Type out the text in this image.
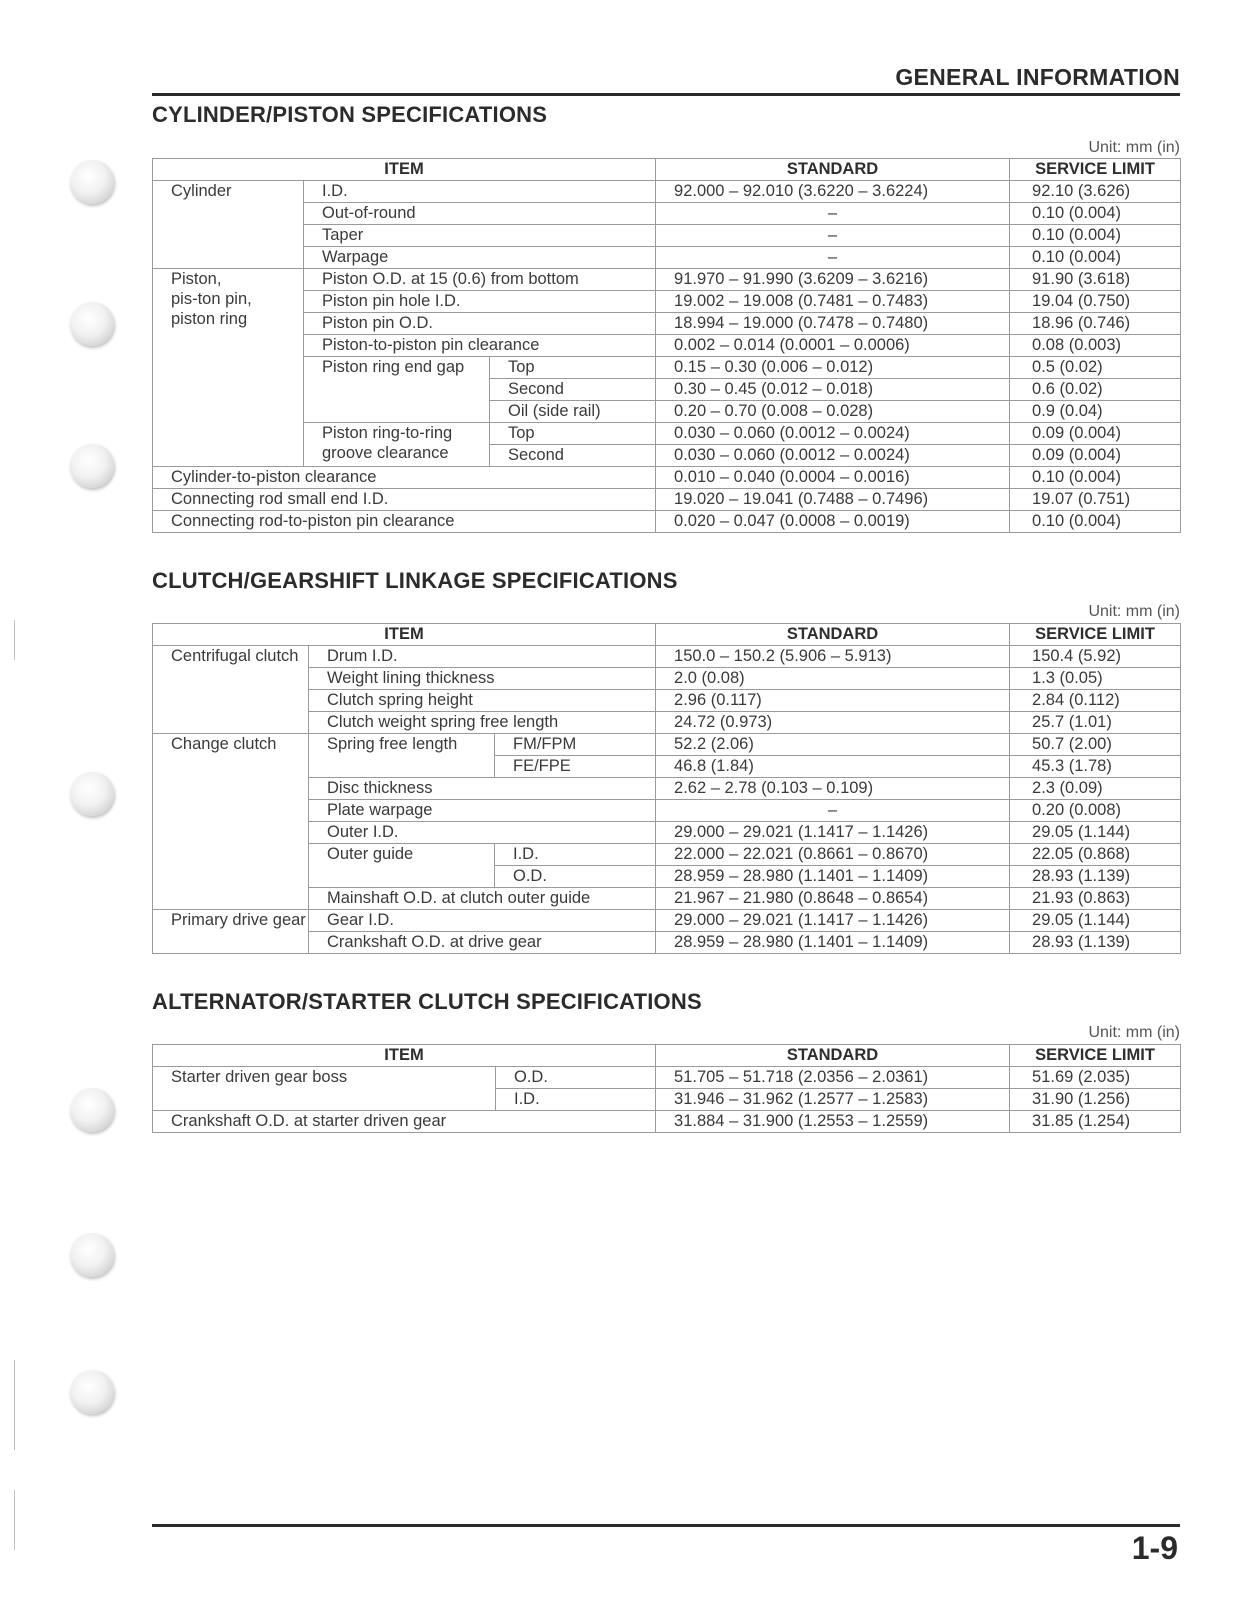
GENERAL INFORMATION
CYLINDER/PISTON SPECIFICATIONS
Unit: mm (in)
ITEM			STANDARD	SERVICE LIMIT
Cylinder	I.D.		92.000 – 92.010 (3.6220 – 3.6224)	92.10 (3.626)
	Out-of-round		–	0.10 (0.004)
	Taper		–	0.10 (0.004)
	Warpage		–	0.10 (0.004)
Piston,
pis-ton pin,
piston ring	Piston O.D. at 15 (0.6) from bottom		91.970 – 91.990 (3.6209 – 3.6216)	91.90 (3.618)
	Piston pin hole I.D.		19.002 – 19.008 (0.7481 – 0.7483)	19.04 (0.750)
	Piston pin O.D.		18.994 – 19.000 (0.7478 – 0.7480)	18.96 (0.746)
	Piston-to-piston pin clearance		0.002 – 0.014 (0.0001 – 0.0006)	0.08 (0.003)
	Piston ring end gap	Top	0.15 – 0.30 (0.006 – 0.012)	0.5 (0.02)
		Second	0.30 – 0.45 (0.012 – 0.018)	0.6 (0.02)
		Oil (side rail)	0.20 – 0.70 (0.008 – 0.028)	0.9 (0.04)
	Piston ring-to-ring groove clearance	Top	0.030 – 0.060 (0.0012 – 0.0024)	0.09 (0.004)
		Second	0.030 – 0.060 (0.0012 – 0.0024)	0.09 (0.004)
Cylinder-to-piston clearance			0.010 – 0.040 (0.0004 – 0.0016)	0.10 (0.004)
Connecting rod small end I.D.			19.020 – 19.041 (0.7488 – 0.7496)	19.07 (0.751)
Connecting rod-to-piston pin clearance			0.020 – 0.047 (0.0008 – 0.0019)	0.10 (0.004)
CLUTCH/GEARSHIFT LINKAGE SPECIFICATIONS
Unit: mm (in)
ITEM			STANDARD	SERVICE LIMIT
Centrifugal clutch	Drum I.D.		150.0 – 150.2 (5.906 – 5.913)	150.4 (5.92)
	Weight lining thickness		2.0 (0.08)	1.3 (0.05)
	Clutch spring height		2.96 (0.117)	2.84 (0.112)
	Clutch weight spring free length		24.72 (0.973)	25.7 (1.01)
Change clutch	Spring free length	FM/FPM	52.2 (2.06)	50.7 (2.00)
		FE/FPE	46.8 (1.84)	45.3 (1.78)
	Disc thickness		2.62 – 2.78 (0.103 – 0.109)	2.3 (0.09)
	Plate warpage		–	0.20 (0.008)
	Outer I.D.		29.000 – 29.021 (1.1417 – 1.1426)	29.05 (1.144)
	Outer guide	I.D.	22.000 – 22.021 (0.8661 – 0.8670)	22.05 (0.868)
		O.D.	28.959 – 28.980 (1.1401 – 1.1409)	28.93 (1.139)
	Mainshaft O.D. at clutch outer guide		21.967 – 21.980 (0.8648 – 0.8654)	21.93 (0.863)
Primary drive gear	Gear I.D.		29.000 – 29.021 (1.1417 – 1.1426)	29.05 (1.144)
	Crankshaft O.D. at drive gear		28.959 – 28.980 (1.1401 – 1.1409)	28.93 (1.139)
ALTERNATOR/STARTER CLUTCH SPECIFICATIONS
Unit: mm (in)
ITEM		STANDARD	SERVICE LIMIT
Starter driven gear boss	O.D.	51.705 – 51.718 (2.0356 – 2.0361)	51.69 (2.035)
	I.D.	31.946 – 31.962 (1.2577 – 1.2583)	31.90 (1.256)
Crankshaft O.D. at starter driven gear		31.884 – 31.900 (1.2553 – 1.2559)	31.85 (1.254)
1-9
